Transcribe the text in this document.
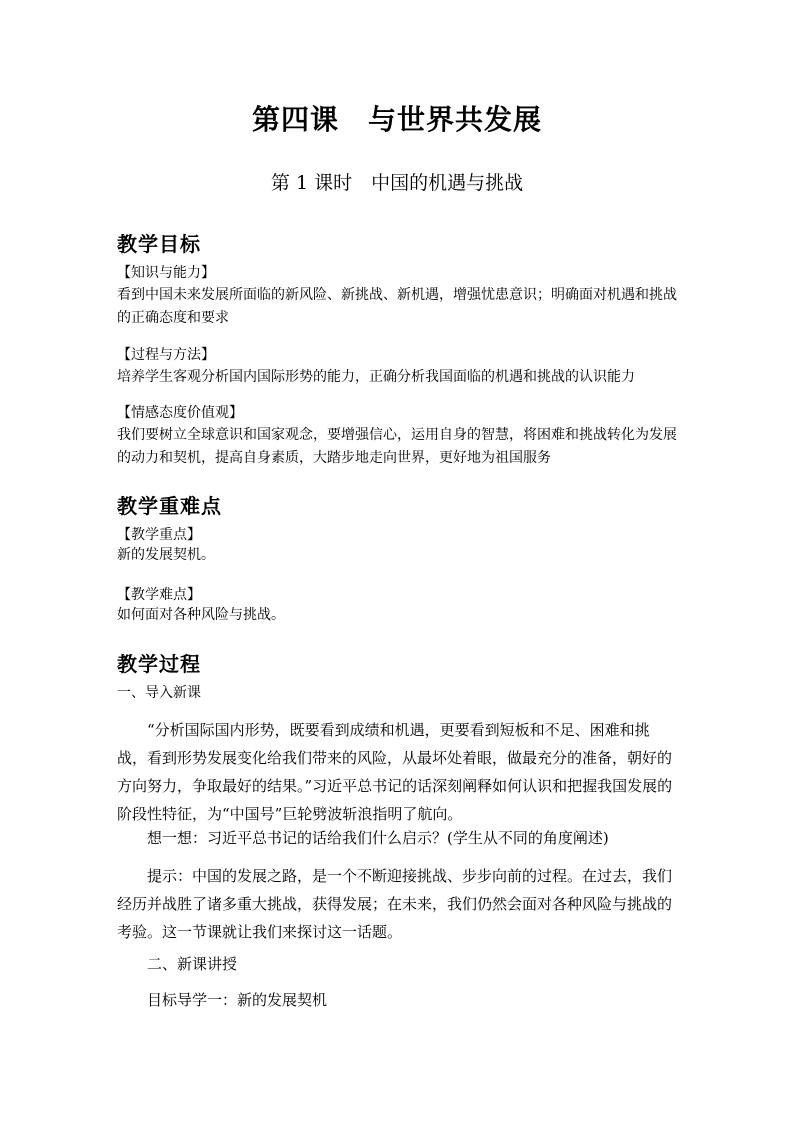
第四课　与世界共发展
第 1 课时　中国的机遇与挑战
教学目标
【知识与能力】
看到中国未来发展所面临的新风险、新挑战、新机遇，增强忧患意识；明确面对机遇和挑战的正确态度和要求
【过程与方法】
培养学生客观分析国内国际形势的能力，正确分析我国面临的机遇和挑战的认识能力
【情感态度价值观】
我们要树立全球意识和国家观念，要增强信心，运用自身的智慧，将困难和挑战转化为发展的动力和契机，提高自身素质，大踏步地走向世界，更好地为祖国服务
教学重难点
【教学重点】
新的发展契机。
【教学难点】
如何面对各种风险与挑战。
教学过程
一、导入新课
“分析国际国内形势，既要看到成绩和机遇，更要看到短板和不足、困难和挑战，看到形势发展变化给我们带来的风险，从最坏处着眼，做最充分的准备，朝好的方向努力，争取最好的结果。”习近平总书记的话深刻阐释如何认识和把握我国发展的阶段性特征，为“中国号”巨轮劈波斩浪指明了航向。
想一想：习近平总书记的话给我们什么启示？(学生从不同的角度阐述)
提示：中国的发展之路，是一个不断迎接挑战、步步向前的过程。在过去，我们经历并战胜了诸多重大挑战，获得发展；在未来，我们仍然会面对各种风险与挑战的考验。这一节课就让我们来探讨这一话题。
二、新课讲授
目标导学一：新的发展契机
